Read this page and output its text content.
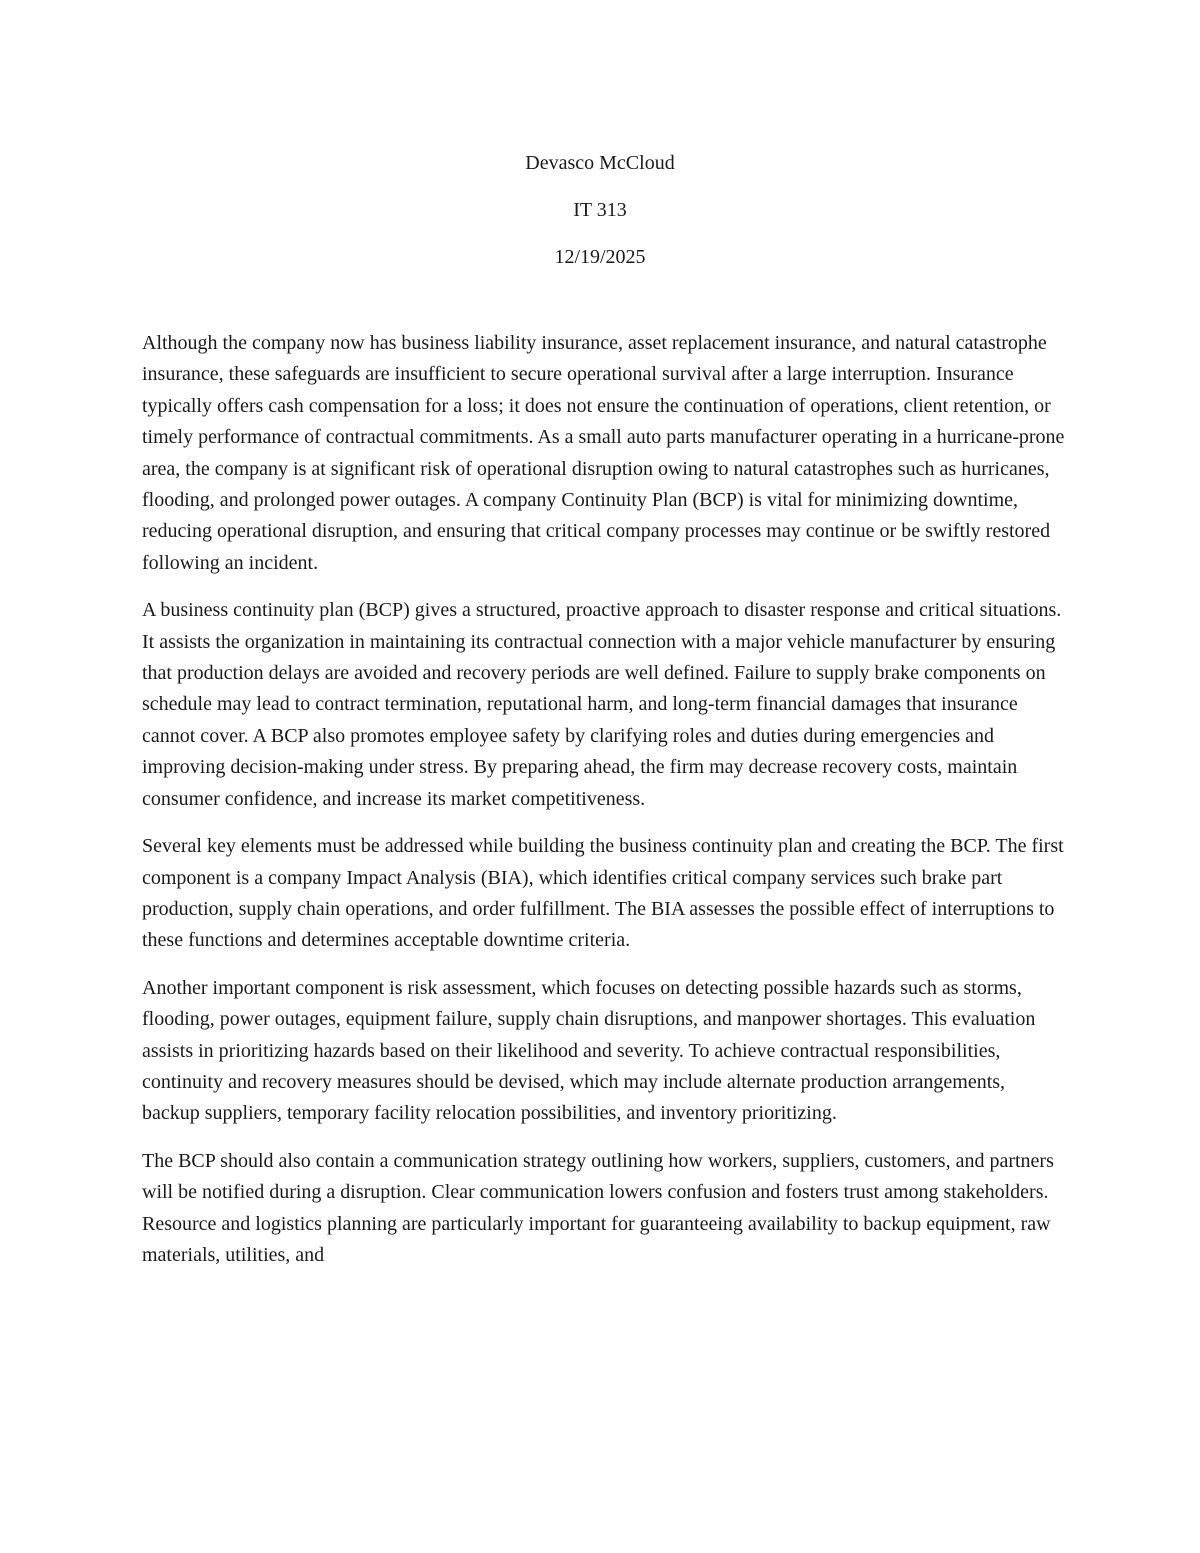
Devasco McCloud
IT 313
12/19/2025

Although the company now has business liability insurance, asset replacement insurance, and natural catastrophe insurance, these safeguards are insufficient to secure operational survival after a large interruption. Insurance typically offers cash compensation for a loss; it does not ensure the continuation of operations, client retention, or timely performance of contractual commitments. As a small auto parts manufacturer operating in a hurricane-prone area, the company is at significant risk of operational disruption owing to natural catastrophes such as hurricanes, flooding, and prolonged power outages. A company Continuity Plan (BCP) is vital for minimizing downtime, reducing operational disruption, and ensuring that critical company processes may continue or be swiftly restored following an incident.

A business continuity plan (BCP) gives a structured, proactive approach to disaster response and critical situations. It assists the organization in maintaining its contractual connection with a major vehicle manufacturer by ensuring that production delays are avoided and recovery periods are well defined. Failure to supply brake components on schedule may lead to contract termination, reputational harm, and long-term financial damages that insurance cannot cover. A BCP also promotes employee safety by clarifying roles and duties during emergencies and improving decision-making under stress. By preparing ahead, the firm may decrease recovery costs, maintain consumer confidence, and increase its market competitiveness.

Several key elements must be addressed while building the business continuity plan and creating the BCP. The first component is a company Impact Analysis (BIA), which identifies critical company services such brake part production, supply chain operations, and order fulfillment. The BIA assesses the possible effect of interruptions to these functions and determines acceptable downtime criteria.

Another important component is risk assessment, which focuses on detecting possible hazards such as storms, flooding, power outages, equipment failure, supply chain disruptions, and manpower shortages. This evaluation assists in prioritizing hazards based on their likelihood and severity. To achieve contractual responsibilities, continuity and recovery measures should be devised, which may include alternate production arrangements, backup suppliers, temporary facility relocation possibilities, and inventory prioritizing.

The BCP should also contain a communication strategy outlining how workers, suppliers, customers, and partners will be notified during a disruption. Clear communication lowers confusion and fosters trust among stakeholders. Resource and logistics planning are particularly important for guaranteeing availability to backup equipment, raw materials, utilities, and
